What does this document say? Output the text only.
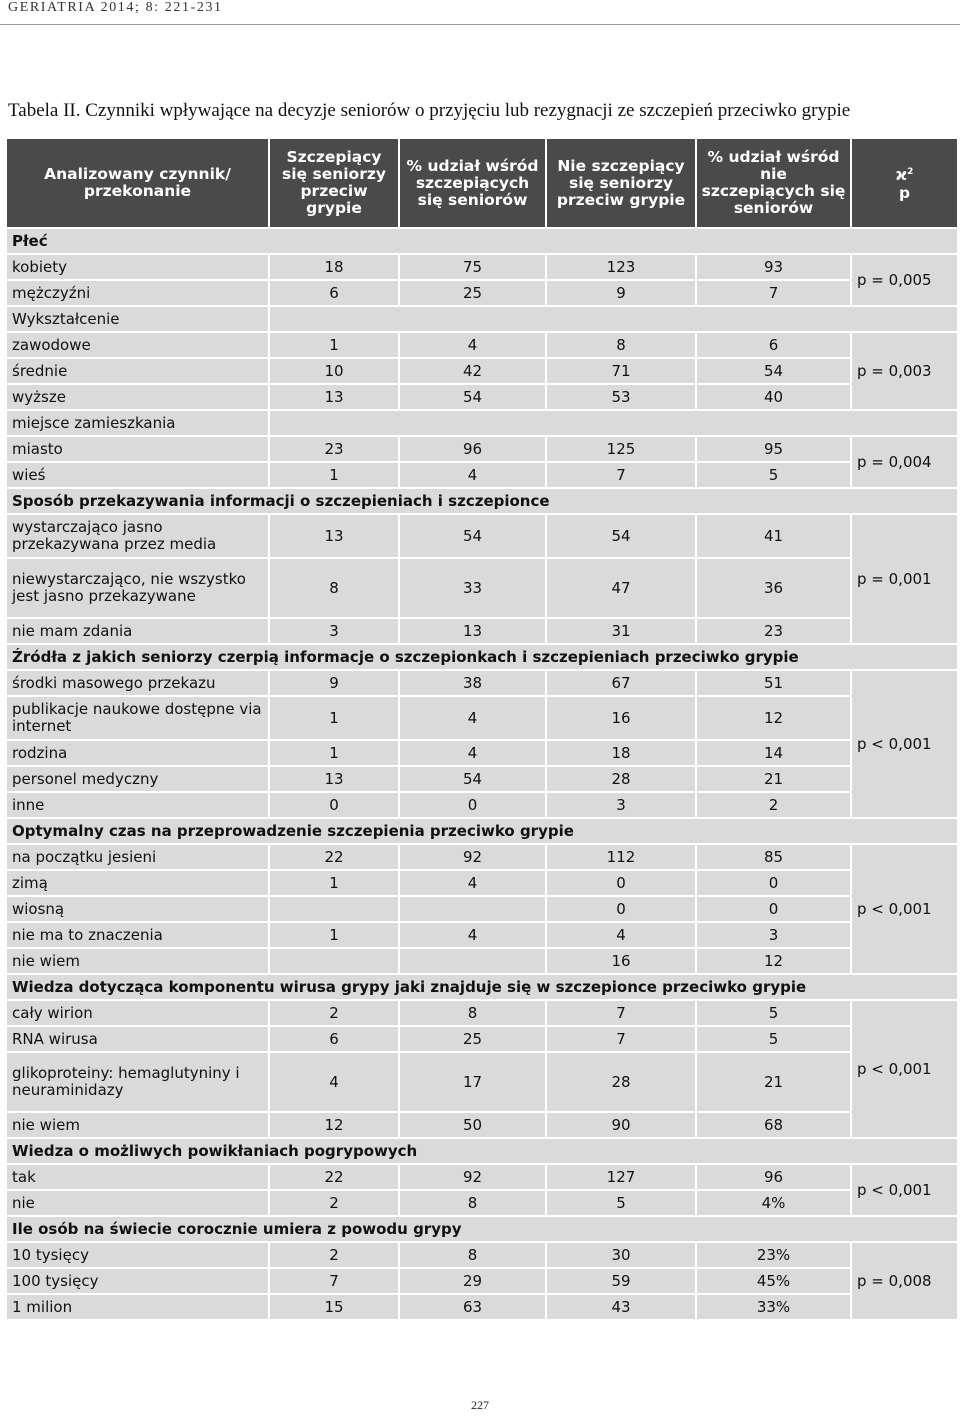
GERIATRIA 2014; 8: 221-231
Tabela II. Czynniki wpływające na decyzje seniorów o przyjęciu lub rezygnacji ze szczepień przeciwko grypie
Analizowany czynnik/ przekonanie	Szczepiący się seniorzy przeciw grypie	% udział wśród szczepiących się seniorów	Nie szczepiący się seniorzy przeciw grypie	% udział wśród nie szczepiących się seniorów	$ϰ^2$
p
Płeć					
kobiety	18	75	123	93	p = 0,005
mężczyźni	6	25	9	7	
Wykształcenie					
zawodowe	1	4	8	6	p = 0,003
średnie	10	42	71	54	
wyższe	13	54	53	40	
miejsce zamieszkania					
miasto	23	96	125	95	p = 0,004
wieś	1	4	7	5	
Sposób przekazywania informacji o szczepieniach i szczepionce					
wystarczająco jasno przekazywana przez media	13	54	54	41	p = 0,001
niewystarczająco, nie wszystko jest jasno przekazywane	8	33	47	36	
nie mam zdania	3	13	31	23	
Źródła z jakich seniorzy czerpią informacje o szczepionkach i szczepieniach przeciwko grypie					
środki masowego przekazu	9	38	67	51	p < 0,001
publikacje naukowe dostępne via internet	1	4	16	12	
rodzina	1	4	18	14	
personel medyczny	13	54	28	21	
inne	0	0	3	2	
Optymalny czas na przeprowadzenie szczepienia przeciwko grypie					
na początku jesieni	22	92	112	85	p < 0,001
zimą	1	4	0	0	
wiosną			0	0	
nie ma to znaczenia	1	4	4	3	
nie wiem			16	12	
Wiedza dotycząca komponentu wirusa grypy jaki znajduje się w szczepionce przeciwko grypie					
cały wirion	2	8	7	5	p < 0,001
RNA wirusa	6	25	7	5	
glikoproteiny: hemaglutyniny i neuraminidazy	4	17	28	21	
nie wiem	12	50	90	68	
Wiedza o możliwych powikłaniach pogrypowych					
tak	22	92	127	96	p < 0,001
nie	2	8	5	4%	
Ile osób na świecie corocznie umiera z powodu grypy					
10 tysięcy	2	8	30	23%	p = 0,008
100 tysięcy	7	29	59	45%	
1 milion	15	63	43	33%	
227
